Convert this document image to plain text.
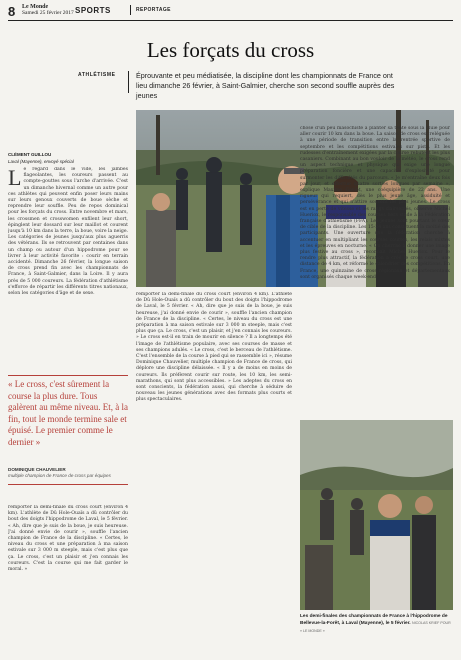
8 Le Monde
Samedi 25 février 2017 SPORTS	REPORTAGE
Les forçats du cross
ATHLÉTISME	Éprouvante et peu médiatisée, la discipline dont les championnats de France ont lieu dimanche 26 février, à Saint-Galmier, cherche son second souffle auprès des jeunes
CLÉMENT GUILLOU
Laval (Mayenne), envoyé spécial
L e regard dans le vide, les jambes flageolantes, les coureurs passent au compte-gouttes sous l'arche d'arrivée. C'est un dimanche hivernal comme un autre pour ces athlètes qui peuvent enfin poser leurs mains sur leurs genoux couverts de boue sèche et reprendre leur souffle. Peu de repos dominical pour les forçats du cross. Entre novembre et mars, les crossmen et crosswomen enfilent leur short, épinglent leur dossard sur leur maillot et courent jusqu'à 10 km dans la terre, la boue, voire la neige. Les catégories de jeunes jusqu'aux plus aguerris des vétérans. Ils se retrouvent par centaines dans un champ ou autour d'un hippodrome pour se livrer à leur activité favorite : courir en terrain accidenté. Dimanche 26 février, la longue saison de cross prend fin avec les championnats de France, à Saint-Galmier, dans la Loire. Il y aura près de 5 000 coureurs. La fédération d'athlétisme s'efforce de répartir les différents titres nationaux, selon les catégories d'âge et de sexe.
« Le cross, c'est sûrement la course la plus dure. Tous galèrent au même niveau. Et, à la fin, tout le monde termine sale et épuisé. Le premier comme le dernier »
DOMINIQUE CHAUVELIER
multiple champion de France de cross par équipes
remporter la demi-finale du cross court (environ 4 km). L'athlète de Dû Hole-Ouaïs a dû contrôler du bout des doigts l'hippodrome de Laval, le 5 février. « Ah, dire que je suis de la boue, je suis heureuse. J'ai donné envie de courir », souffle l'ancien champion de France de la discipline. « Certes, le niveau du cross et une préparation à ma saison estivale sur 3 000 m steeple, mais c'est plus que ça. Le cross, c'est un plaisir et j'en connais les coureurs. C'est la course qui me fait garder le moral. »
remporter la demi-finale du cross court (environ 4 km). L'athlète de Dû Hole-Ouaïs a dû contrôler du bout des doigts l'hippodrome de Laval, le 5 février. « Ah, dire que je suis de la boue, je suis heureuse, j'ai donné envie de courir », souffle l'ancien champion de France de la discipline. « Certes, le niveau du cross est une préparation à ma saison estivale sur 3 000 m steeple, mais c'est plus que ça. Le cross, c'est un plaisir, et j'en connais les coureurs. » Le cross est-il en train de mourir en silence ? Il a longtemps été l'image de l'athlétisme populaire, avec ses courses de masse et ses champions adulés. « Le cross, c'est le berceau de l'athlétisme. C'est l'ensemble de la course à pied qui se rassemble ici », résume Dominique Chauvelier, multiple champion de France de cross, qui déplore une discipline délaissée. « Il y a de moins en moins de coureurs. Ils préfèrent courir sur route, les 10 km, les semi-marathons, qui sont plus accessibles. » Les adeptes du cross en sont conscients, la fédération aussi, qui cherche à séduire de nouveau les jeunes générations avec des formats plus courts et plus spectaculaires.
chose d'un peu masochiste à planter sa tente sous la pluie pour aller courir 10 km dans la boue. La saison de cross est reléguée à une période de transition entre la rentrée sportive de septembre et les compétitions estivales sur piste. Et les rudesses d'entraînement exigées par la course rebutent les plus casaniers. Combinant au bon vouloir de la météo, le cross rend un aspect technique et physique qui exige une longue préparation foncière et une capacité d'explosivité pour surmonter les difficultés du parcours. « Je m'entraîne deux fois par jour, et effectue quatre sorties longues par semaine », explique Maxime Gaviot, une coéquipière de 22 ans. Une rigueur qui requiert, dès le plus jeune âge, assiduité et persévérance et qui n'attire souvent les plus jeunes. Le cross est en perte de vitesse et les rangs clairsemés, observe Michel Hueriox, le responsable des courses hors stade à la Fédération française d'athlétisme (FFA). Les jeunes sont pourtant le cœur de cible de la discipline. Les 15-24 ans constituent la moitié des participants. Une ouverture que la fédération cherche à accentuer en multipliant les courses courtes, les relais mixtes et les épreuves en nocturne. « On cherche à donner une image plus festive au cross », reconnaît Michel Hueriox. Pour le rendre plus attractif, la fédération a créé le cross court, une distance de 4 km, et réformé le calendrier des compétitions. En France, une quinzaine de cross régionaux et départementaux sont organisés chaque week-end.
Les demi-finales des championnats de France à l'hippodrome de Bellevue-la-Forêt, à Laval (Mayenne), le 5 février. NICOLAS KRIEF POUR « LE MONDE »
